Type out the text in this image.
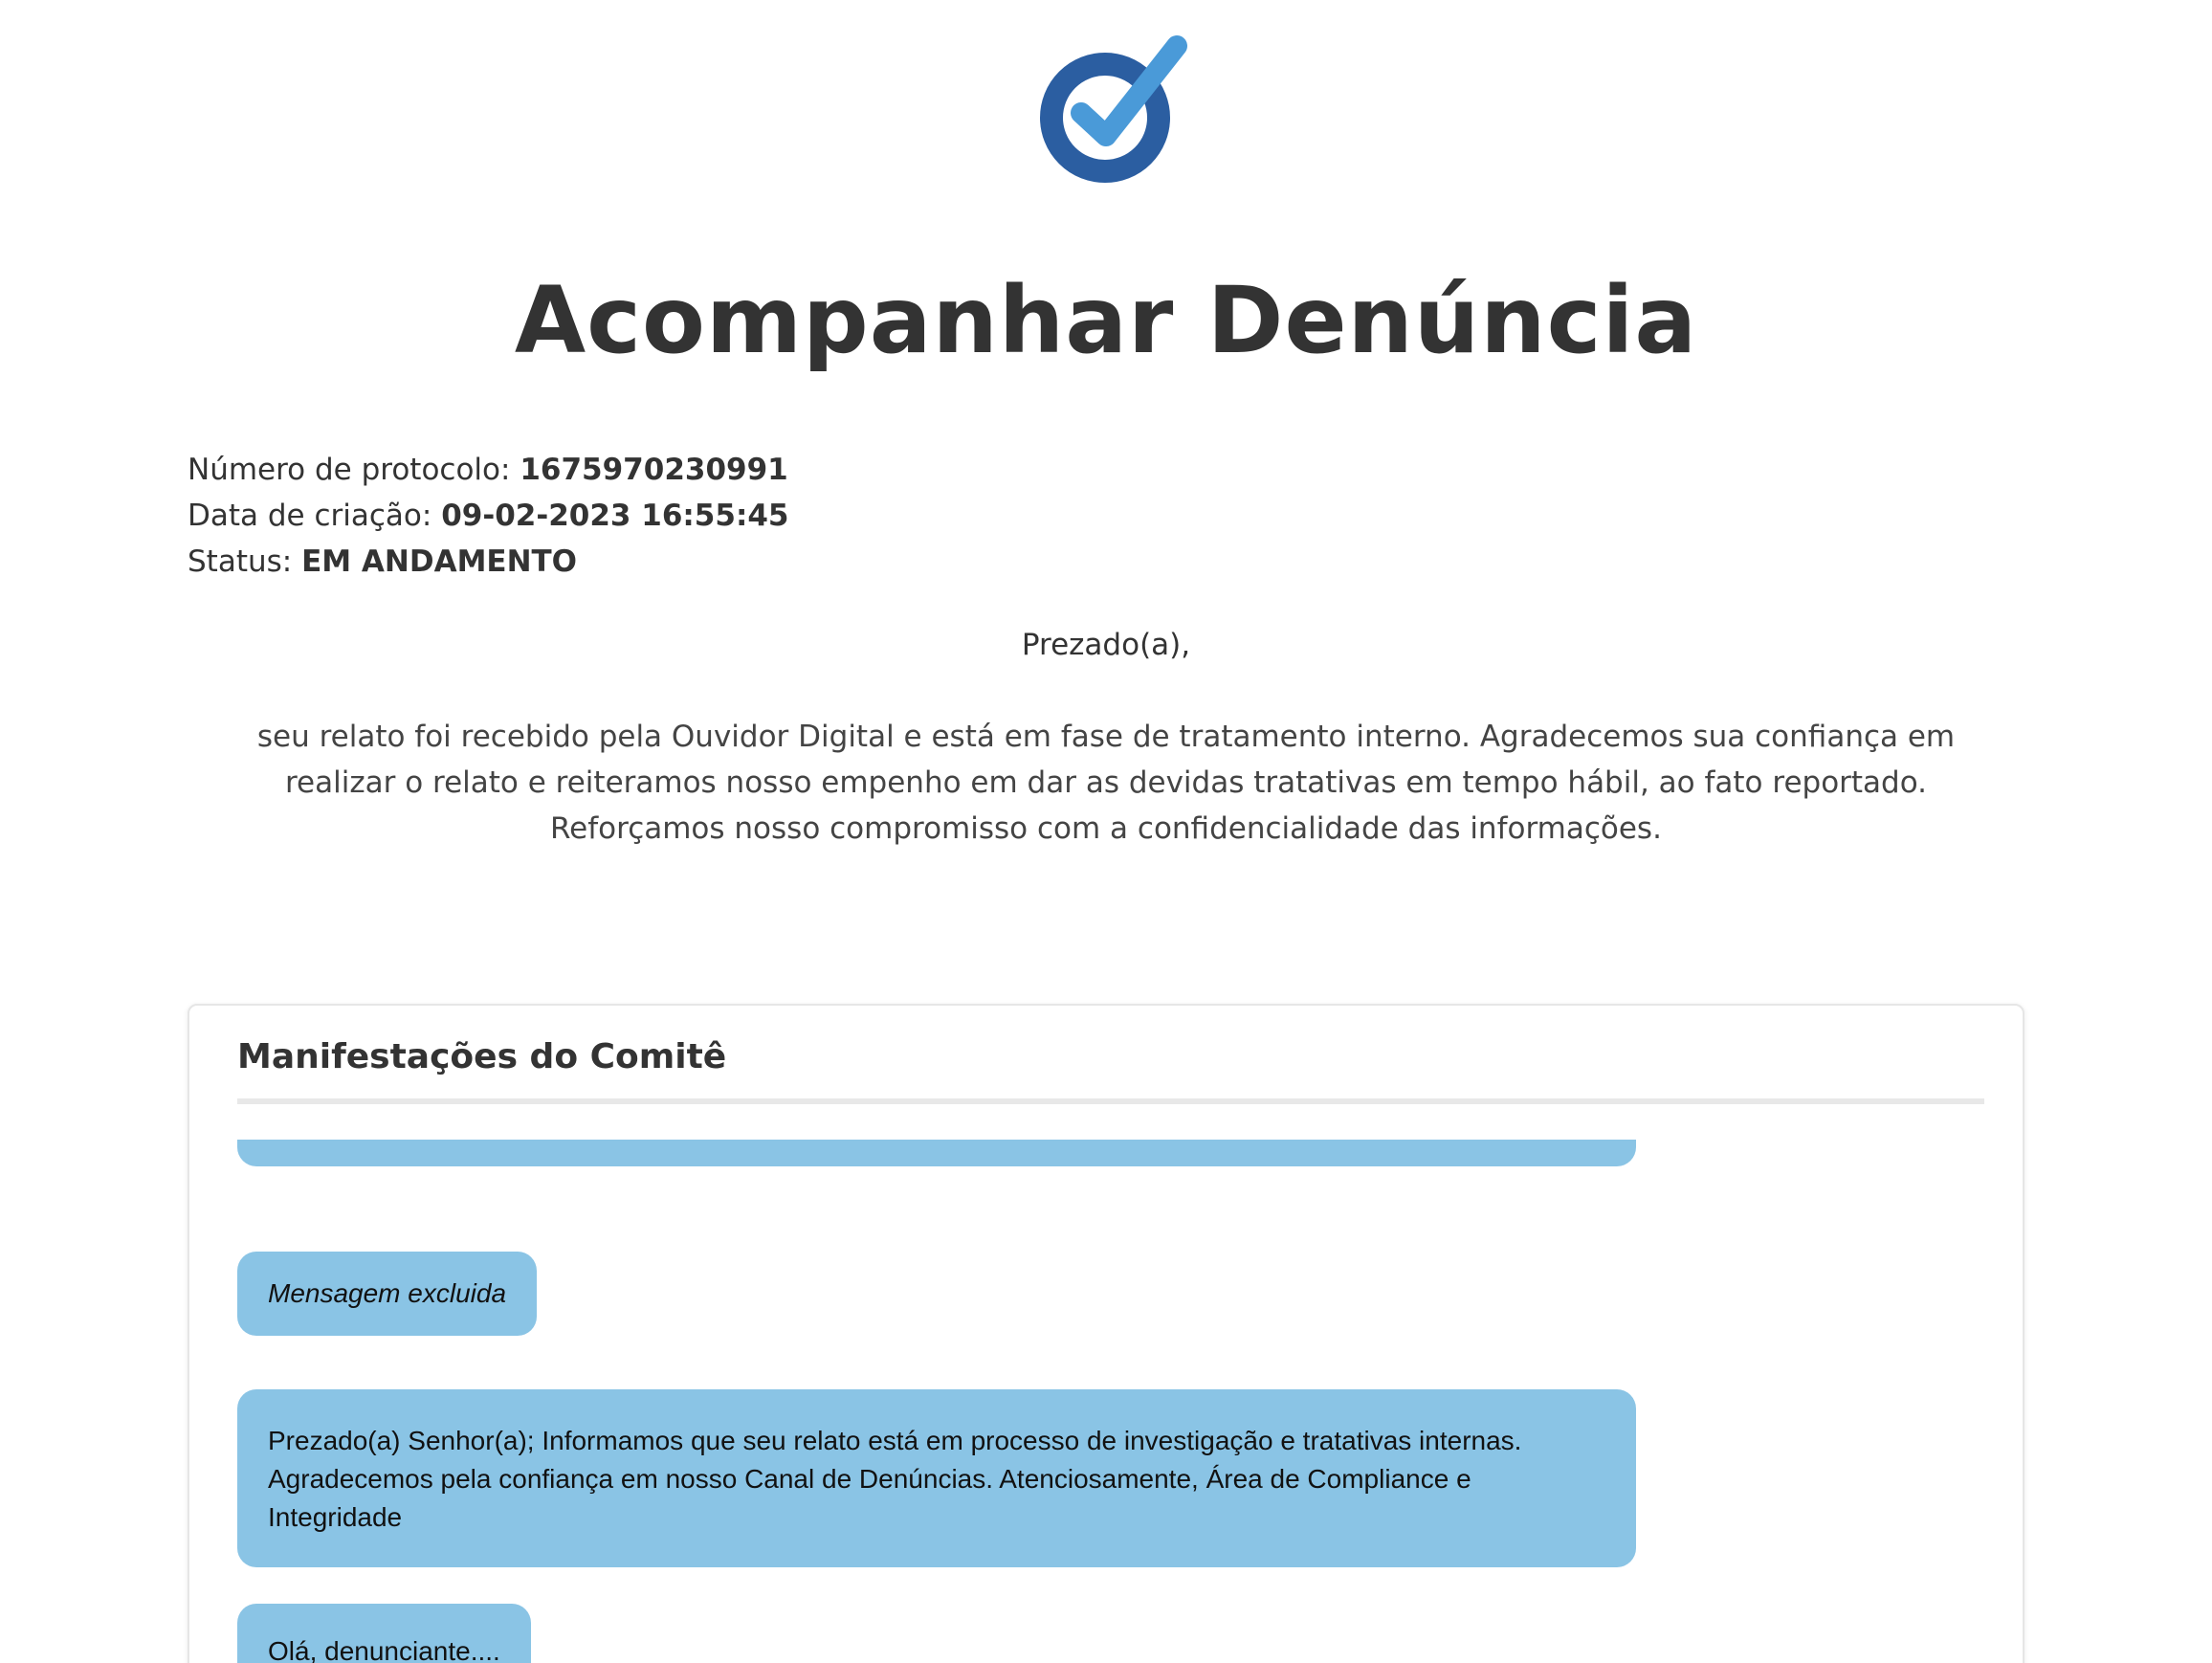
Acompanhar Denúncia
Número de protocolo: 1675970230991
Data de criação: 09-02-2023 16:55:45
Status: EM ANDAMENTO
Prezado(a),
seu relato foi recebido pela Ouvidor Digital e está em fase de tratamento interno. Agradecemos sua confiança em realizar o relato e reiteramos nosso empenho em dar as devidas tratativas em tempo hábil, ao fato reportado. Reforçamos nosso compromisso com a confidencialidade das informações.
Manifestações do Comitê
Mensagem excluida
Prezado(a) Senhor(a); Informamos que seu relato está em processo de investigação e tratativas internas. Agradecemos pela confiança em nosso Canal de Denúncias. Atenciosamente, Área de Compliance e Integridade
Olá, denunciante....
